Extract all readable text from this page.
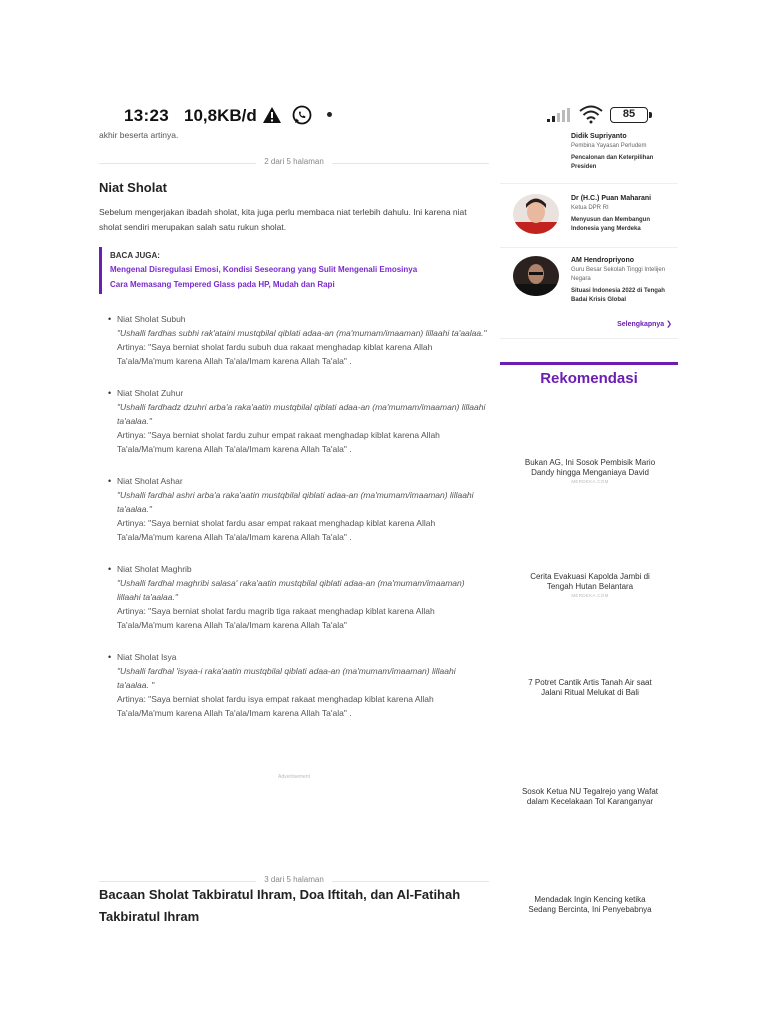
13:23 10,8KB/d	85
akhir beserta artinya.
2 dari 5 halaman
Niat Sholat

Sebelum mengerjakan ibadah sholat, kita juga perlu membaca niat terlebih dahulu. Ini karena niat sholat sendiri merupakan salah satu rukun sholat.

BACA JUGA:
Mengenal Disregulasi Emosi, Kondisi Seseorang yang Sulit Mengenali Emosinya
Cara Memasang Tempered Glass pada HP, Mudah dan Rapi
• Niat Sholat Subuh
"Ushalli fardhas subhi rak'ataini mustqbilal qiblati adaa-an (ma'mumam/imaaman) lillaahi ta'aalaa."
Artinya: "Saya berniat sholat fardu subuh dua rakaat menghadap kiblat karena Allah Ta'ala/Ma'mum karena Allah Ta'ala/Imam karena Allah Ta'ala" .
• Niat Sholat Zuhur
"Ushalli fardhadz dzuhri arba'a raka'aatin mustqbilal qiblati adaa-an (ma'mumam/imaaman) lillaahi ta'aalaa."
Artinya: "Saya berniat sholat fardu zuhur empat rakaat menghadap kiblat karena Allah Ta'ala/Ma'mum karena Allah Ta'ala/Imam karena Allah Ta'ala" .
• Niat Sholat Ashar
"Ushalli fardhal ashri arba'a raka'aatin mustqbilal qiblati adaa-an (ma'mumam/imaaman) lillaahi ta'aalaa."
Artinya: "Saya berniat sholat fardu asar empat rakaat menghadap kiblat karena Allah Ta'ala/Ma'mum karena Allah Ta'ala/Imam karena Allah Ta'ala" .
• Niat Sholat Maghrib
"Ushalli fardhal maghribi salasa' raka'aatin mustqbilal qiblati adaa-an (ma'mumam/imaaman) lillaahi ta'aalaa."
Artinya: "Saya berniat sholat fardu magrib tiga rakaat menghadap kiblat karena Allah Ta'ala/Ma'mum karena Allah Ta'ala/Imam karena Allah Ta'ala"
• Niat Sholat Isya
"Ushalli fardhal 'isyaa-i raka'aatin mustqbilal qiblati adaa-an (ma'mumam/imaaman) lillaahi ta'aalaa. "
Artinya: "Saya berniat sholat fardu isya empat rakaat menghadap kiblat karena Allah Ta'ala/Ma'mum karena Allah Ta'ala/Imam karena Allah Ta'ala" .
Advertisement
3 dari 5 halaman
Bacaan Sholat Takbiratul Ihram, Doa Iftitah, dan Al-Fatihah
Takbiratul Ihram
Didik Supriyanto
Pembina Yayasan Perludem
Pencalonan dan Keterpilihan Presiden
Dr (H.C.) Puan Maharani
Ketua DPR RI
Menyusun dan Membangun Indonesia yang Merdeka
AM Hendropriyono
Guru Besar Sekolah Tinggi Intelijen Negara
Situasi Indonesia 2022 di Tengah Badai Krisis Global
Selengkapnya ❯
Rekomendasi
Bukan AG, Ini Sosok Pembisik Mario Dandy hingga Menganiaya David
MERDEKA.COM
Cerita Evakuasi Kapolda Jambi di Tengah Hutan Belantara
MERDEKA.COM
7 Potret Cantik Artis Tanah Air saat Jalani Ritual Melukat di Bali
Sosok Ketua NU Tegalrejo yang Wafat dalam Kecelakaan Tol Karanganyar
Mendadak Ingin Kencing ketika Sedang Bercinta, Ini Penyebabnya
